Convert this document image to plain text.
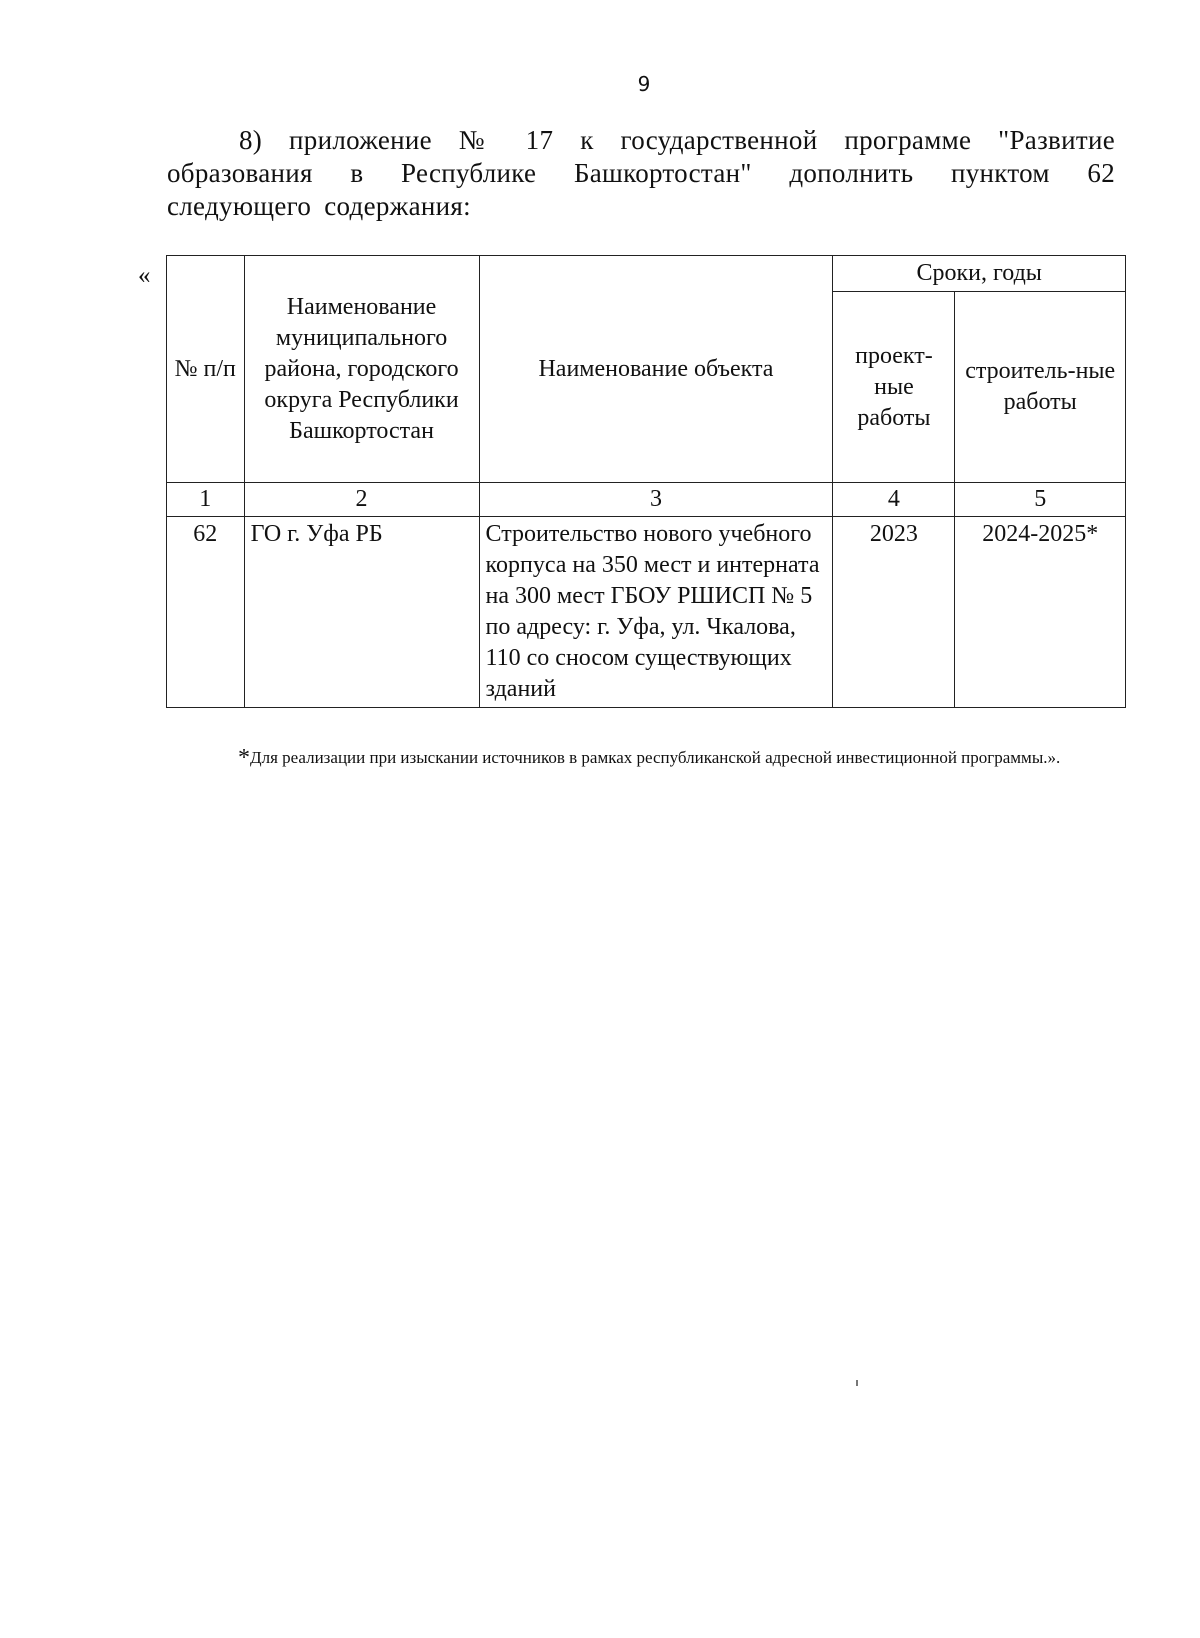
9
8) приложение № 17 к государственной программе "Развитие образования в Республике Башкортостан" дополнить пунктом 62 следующего содержания:
«
№ п/п	Наименование муниципального района, городского округа Республики Башкортостан	Наименование объекта	Сроки, годы	
			проект-ные работы	строитель-ные работы
1	2	3	4	5
62	ГО г. Уфа РБ	Строительство нового учебного корпуса на 350 мест и интерната на 300 мест ГБОУ РШИСП № 5 по адресу: г. Уфа, ул. Чкалова, 110 со сносом существующих зданий	2023	2024-2025*
*Для реализации при изыскании источников в рамках республиканской адресной инвестиционной программы.».
